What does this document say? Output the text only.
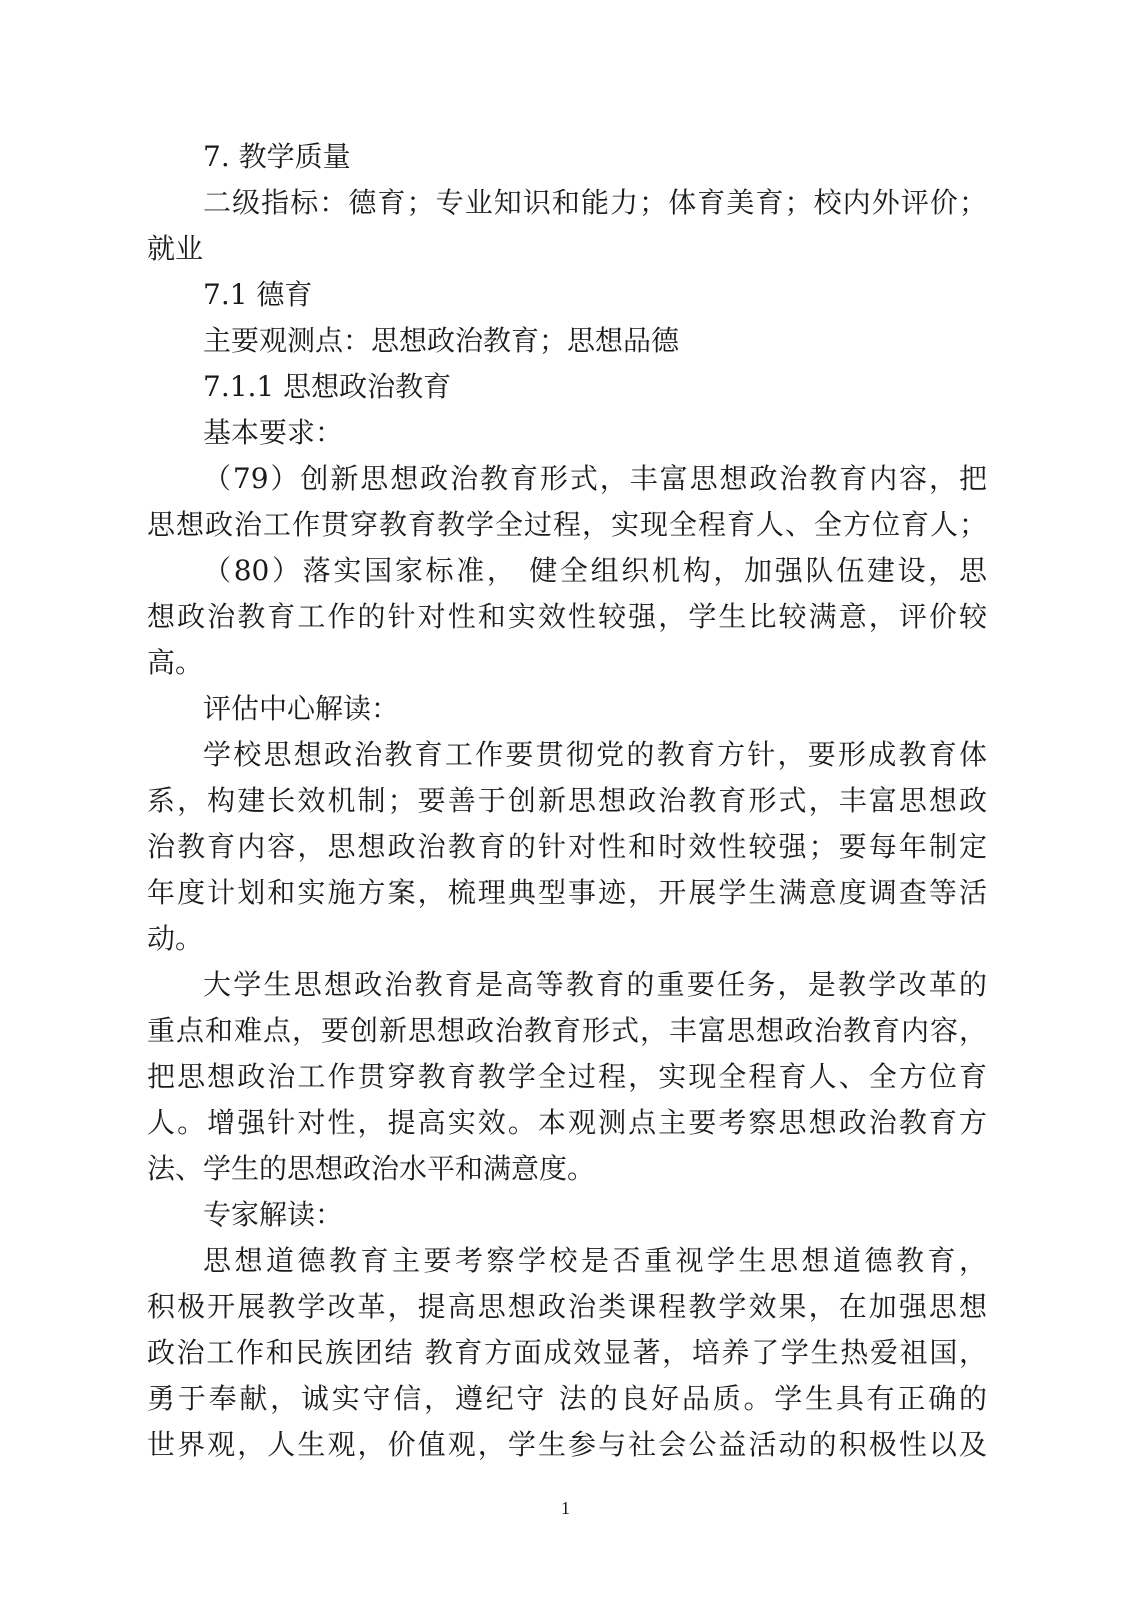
7. 教学质量
二级指标：德育；专业知识和能力；体育美育；校内外评价；
就业
7.1 德育
主要观测点：思想政治教育；思想品德
7.1.1 思想政治教育
基本要求：
（79）创新思想政治教育形式，丰富思想政治教育内容，把
思想政治工作贯穿教育教学全过程，实现全程育人、全方位育人；
（80）落实国家标准， 健全组织机构，加强队伍建设，思
想政治教育工作的针对性和实效性较强，学生比较满意，评价较
高。
评估中心解读：
学校思想政治教育工作要贯彻党的教育方针，要形成教育体
系，构建长效机制；要善于创新思想政治教育形式，丰富思想政
治教育内容，思想政治教育的针对性和时效性较强；要每年制定
年度计划和实施方案，梳理典型事迹，开展学生满意度调查等活
动。
大学生思想政治教育是高等教育的重要任务，是教学改革的
重点和难点，要创新思想政治教育形式，丰富思想政治教育内容，
把思想政治工作贯穿教育教学全过程，实现全程育人、全方位育
人。增强针对性，提高实效。本观测点主要考察思想政治教育方
法、学生的思想政治水平和满意度。
专家解读：
思想道德教育主要考察学校是否重视学生思想道德教育，
积极开展教学改革，提高思想政治类课程教学效果，在加强思想
政治工作和民族团结 教育方面成效显著，培养了学生热爱祖国，
勇于奉献，诚实守信，遵纪守 法的良好品质。学生具有正确的
世界观，人生观，价值观，学生参与社会公益活动的积极性以及
1
